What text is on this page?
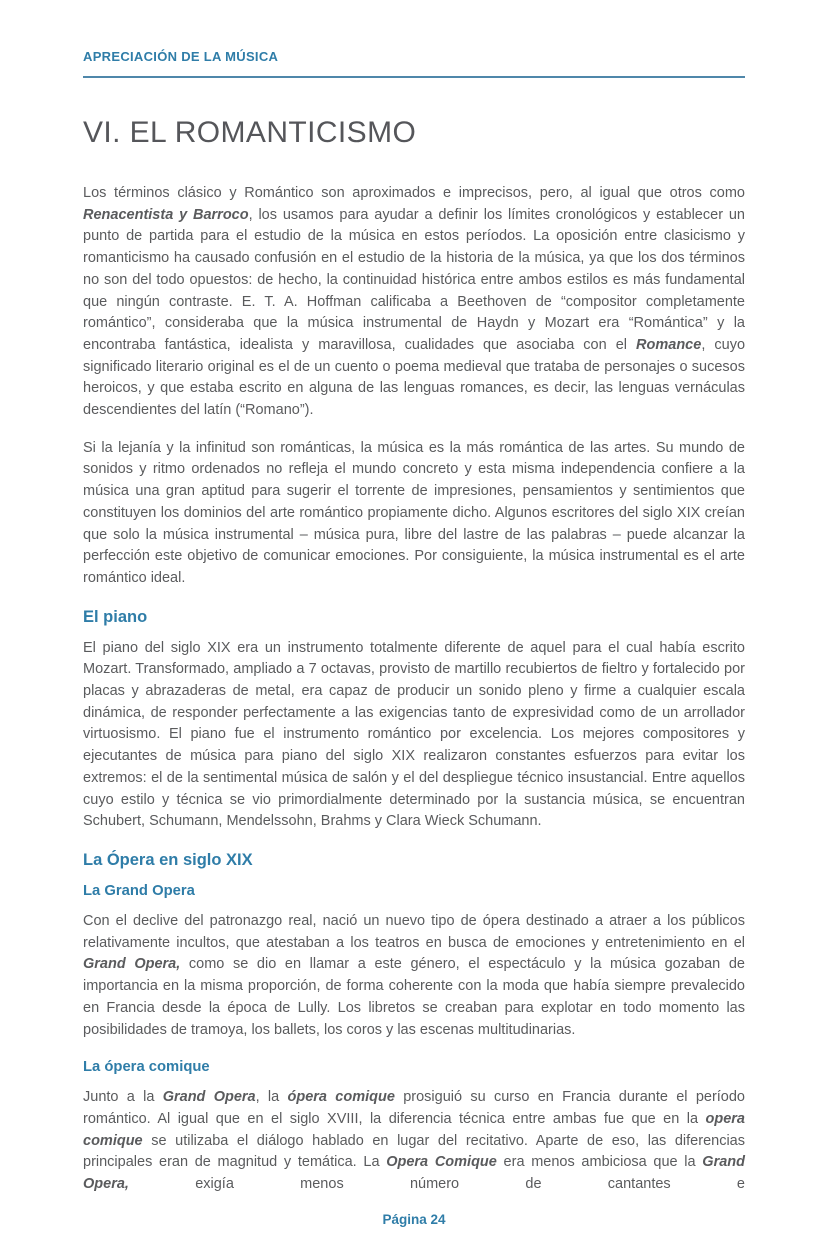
APRECIACIÓN DE LA MÚSICA
VI. EL ROMANTICISMO

Los términos clásico y Romántico son aproximados e imprecisos, pero, al igual que otros como Renacentista y Barroco, los usamos para ayudar a definir los límites cronológicos y establecer un punto de partida para el estudio de la música en estos períodos. La oposición entre clasicismo y romanticismo ha causado confusión en el estudio de la historia de la música, ya que los dos términos no son del todo opuestos: de hecho, la continuidad histórica entre ambos estilos es más fundamental que ningún contraste. E. T. A. Hoffman calificaba a Beethoven de “compositor completamente romántico”, consideraba que la música instrumental de Haydn y Mozart era “Romántica” y la encontraba fantástica, idealista y maravillosa, cualidades que asociaba con el Romance, cuyo significado literario original es el de un cuento o poema medieval que trataba de personajes o sucesos heroicos, y que estaba escrito en alguna de las lenguas romances, es decir, las lenguas vernáculas descendientes del latín (“Romano”).

Si la lejanía y la infinitud son románticas, la música es la más romántica de las artes. Su mundo de sonidos y ritmo ordenados no refleja el mundo concreto y esta misma independencia confiere a la música una gran aptitud para sugerir el torrente de impresiones, pensamientos y sentimientos que constituyen los dominios del arte romántico propiamente dicho. Algunos escritores del siglo XIX creían que solo la música instrumental – música pura, libre del lastre de las palabras – puede alcanzar la perfección este objetivo de comunicar emociones. Por consiguiente, la música instrumental es el arte romántico ideal.

El piano

El piano del siglo XIX era un instrumento totalmente diferente de aquel para el cual había escrito Mozart. Transformado, ampliado a 7 octavas, provisto de martillo recubiertos de fieltro y fortalecido por placas y abrazaderas de metal, era capaz de producir un sonido pleno y firme a cualquier escala dinámica, de responder perfectamente a las exigencias tanto de expresividad como de un arrollador virtuosismo. El piano fue el instrumento romántico por excelencia. Los mejores compositores y ejecutantes de música para piano del siglo XIX realizaron constantes esfuerzos para evitar los extremos: el de la sentimental música de salón y el del despliegue técnico insustancial. Entre aquellos cuyo estilo y técnica se vio primordialmente determinado por la sustancia música, se encuentran Schubert, Schumann, Mendelssohn, Brahms y Clara Wieck Schumann.

La Ópera en siglo XIX
La Grand Opera

Con el declive del patronazgo real, nació un nuevo tipo de ópera destinado a atraer a los públicos relativamente incultos, que atestaban a los teatros en busca de emociones y entretenimiento en el Grand Opera, como se dio en llamar a este género, el espectáculo y la música gozaban de importancia en la misma proporción, de forma coherente con la moda que había siempre prevalecido en Francia desde la época de Lully. Los libretos se creaban para explotar en todo momento las posibilidades de tramoya, los ballets, los coros y las escenas multitudinarias.

La ópera comique

Junto a la Grand Opera, la ópera comique prosiguió su curso en Francia durante el período romántico. Al igual que en el siglo XVIII, la diferencia técnica entre ambas fue que en la opera comique se utilizaba el diálogo hablado en lugar del recitativo. Aparte de eso, las diferencias principales eran de magnitud y temática. La Opera Comique era menos ambiciosa que la Grand Opera, exigía menos número de cantantes e

Página 24
